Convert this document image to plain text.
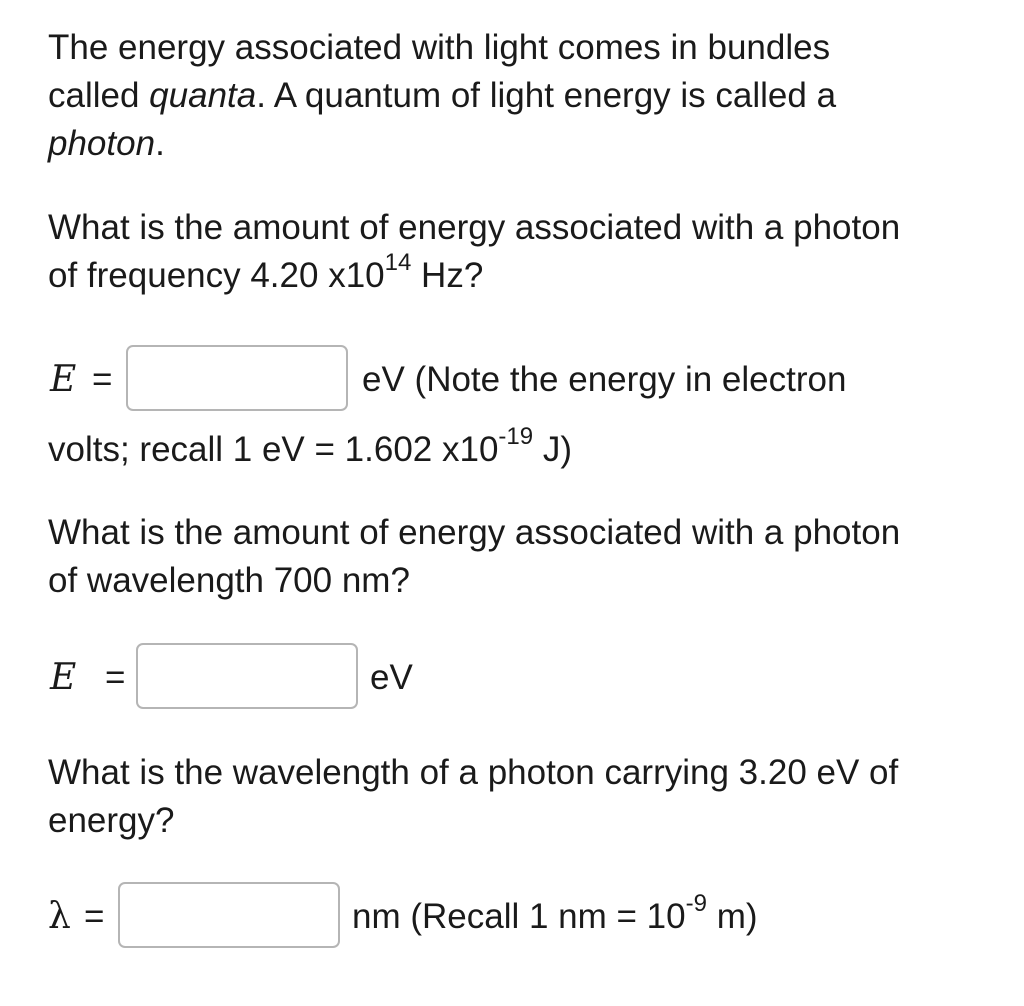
The energy associated with light comes in bundles
called quanta. A quantum of light energy is called a
photon.
What is the amount of energy associated with a photon
of frequency 4.20 $x10^{14}$ Hz?
E =	eV (Note the energy in electron
volts; recall 1 eV = 1.602 $x10^{-19}$ J)
What is the amount of energy associated with a photon
of wavelength 700 nm?
E =	eV
What is the wavelength of a photon carrying 3.20 eV of
energy?
λ =	nm (Recall 1 nm = $10^{-9}$ m)
